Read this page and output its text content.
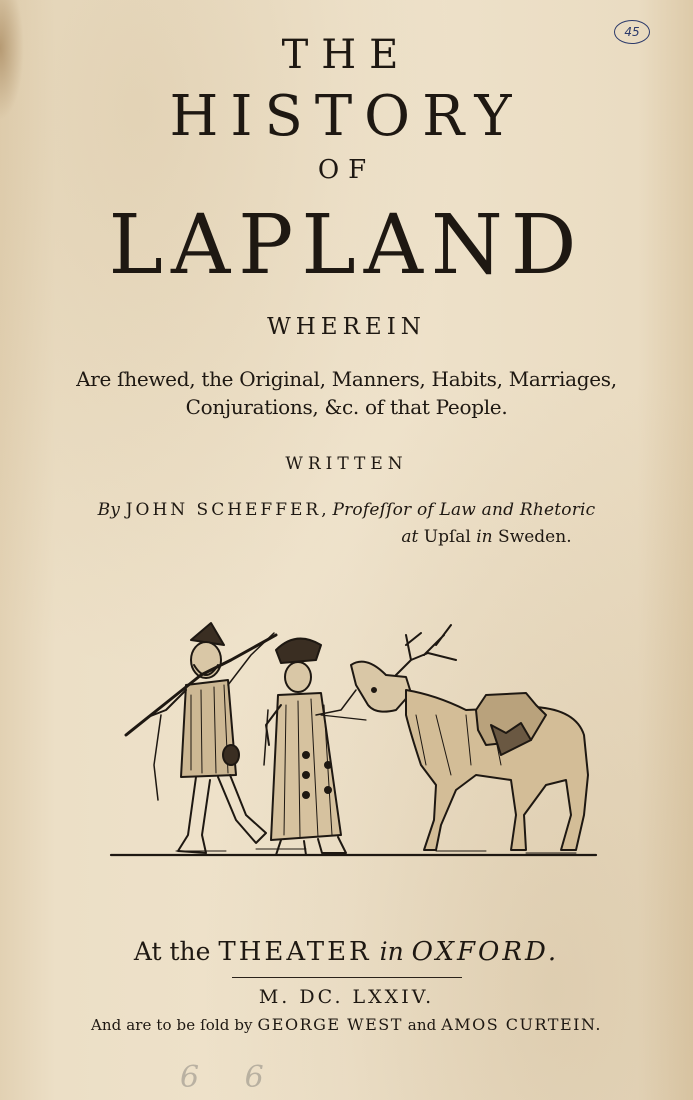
45
THE
HISTORY
OF
LAPLAND
WHEREIN
Are ſhewed, the Original, Manners, Habits, Marriages,
Conjurations, &c. of that People.
WRITTEN
By JOHN SCHEFFER, Profeſſor of Law and Rhetoric
at Upſal in Sweden.
At the THEATER in OXFORD.
M. DC. LXXIV.
And are to be ſold by GEORGE WEST and AMOS CURTEIN.
6 6
